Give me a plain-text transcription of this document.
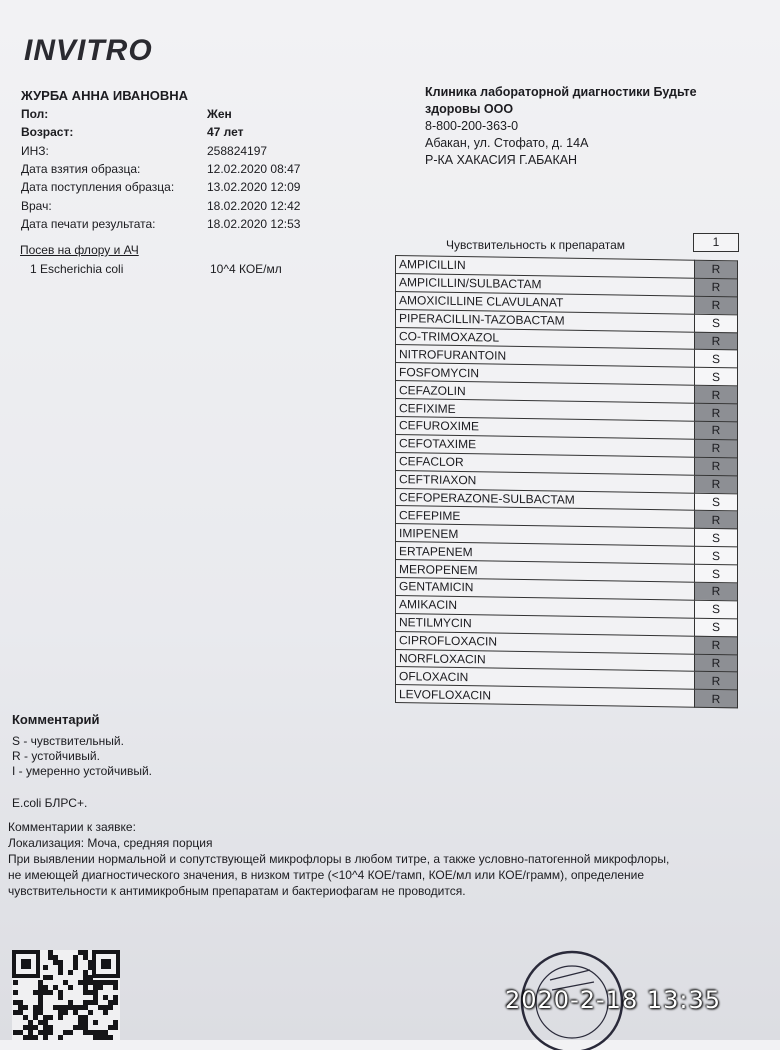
INVITRO
ЖУРБА АННА ИВАНОВНА
Пол:	Жен
Возраст:	47 лет
ИНЗ:	258824197
Дата взятия образца:	12.02.2020 08:47
Дата поступления образца:	13.02.2020 12:09
Врач:	18.02.2020 12:42
Дата печати результата:	18.02.2020 12:53
Клиника лабораторной диагностики Будьте здоровы ООО
8-800-200-363-0
Абакан, ул. Стофато, д. 14А
Р-КА ХАКАСИЯ Г.АБАКАН
Посев на флору и АЧ
1 Escherichia coli	10^4 КОЕ/мл
Чувствительность к препаратам	1
AMPICILLIN	R
AMPICILLIN/SULBACTAM	R
AMOXICILLINE CLAVULANAT	R
PIPERACILLIN-TAZOBACTAM	S
CO-TRIMOXAZOL	R
NITROFURANTOIN	S
FOSFOMYCIN	S
CEFAZOLIN	R
CEFIXIME	R
CEFUROXIME	R
CEFOTAXIME	R
CEFACLOR	R
CEFTRIAXON	R
CEFOPERAZONE-SULBACTAM	S
CEFEPIME	R
IMIPENEM	S
ERTAPENEM	S
MEROPENEM	S
GENTAMICIN	R
AMIKACIN	S
NETILMYCIN	S
CIPROFLOXACIN	R
NORFLOXACIN	R
OFLOXACIN	R
LEVOFLOXACIN	R
Комментарий
S - чувствительный.
R - устойчивый.
I - умеренно устойчивый.
E.coli БЛРС+.
Комментарии к заявке:
Локализация: Моча, средняя порция
При выявлении нормальной и сопутствующей микрофлоры в любом титре, а также условно-патогенной микрофлоры,
не имеющей диагностического значения, в низком титре (<10^4 КОЕ/тамп, КОЕ/мл или КОЕ/грамм), определение
чувствительности к антимикробным препаратам и бактериофагам не проводится.
2020-2-18 13:35
